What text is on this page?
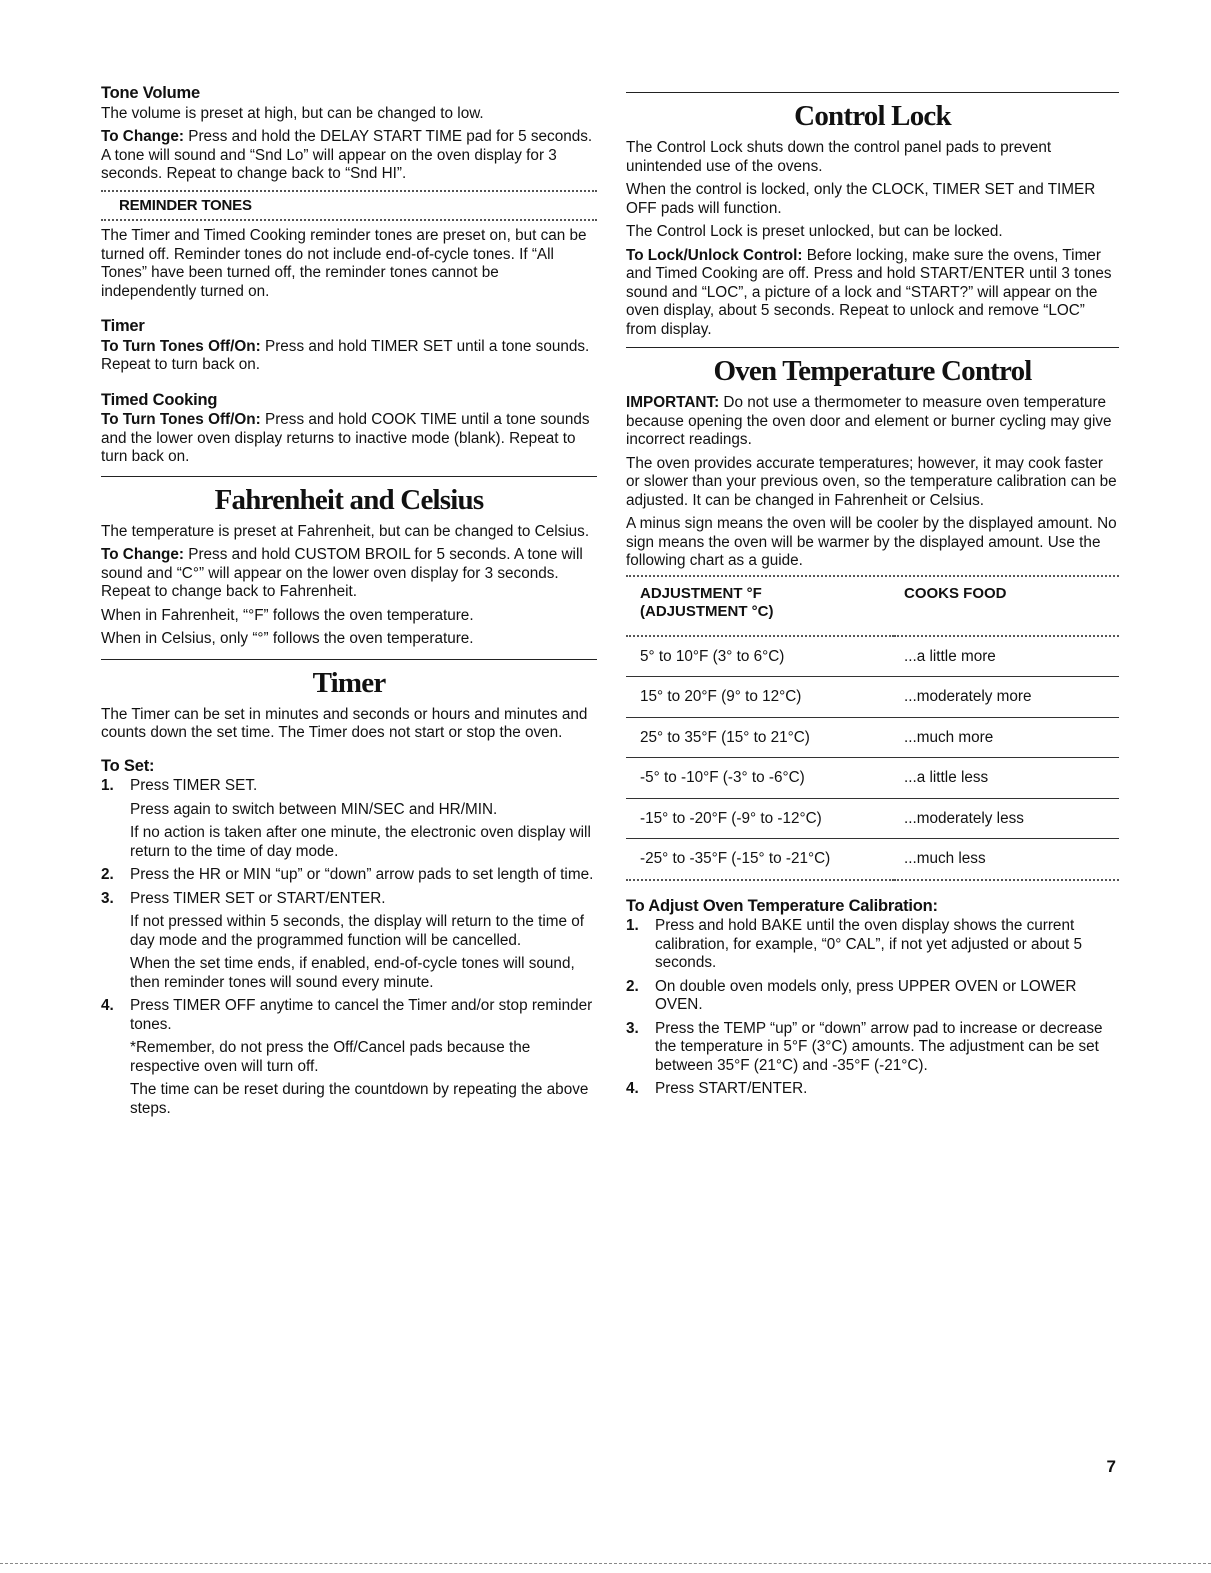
Tone Volume

The volume is preset at high, but can be changed to low.

To Change: Press and hold the DELAY START TIME pad for 5 seconds. A tone will sound and “Snd Lo” will appear on the oven display for 3 seconds. Repeat to change back to “Snd HI”.

REMINDER TONES

The Timer and Timed Cooking reminder tones are preset on, but can be turned off. Reminder tones do not include end-of-cycle tones. If “All Tones” have been turned off, the reminder tones cannot be independently turned on.

Timer

To Turn Tones Off/On: Press and hold TIMER SET until a tone sounds. Repeat to turn back on.

Timed Cooking

To Turn Tones Off/On: Press and hold COOK TIME until a tone sounds and the lower oven display returns to inactive mode (blank). Repeat to turn back on.

Fahrenheit and Celsius

The temperature is preset at Fahrenheit, but can be changed to Celsius.

To Change: Press and hold CUSTOM BROIL for 5 seconds. A tone will sound and “C°” will appear on the lower oven display for 3 seconds. Repeat to change back to Fahrenheit.

When in Fahrenheit, “°F” follows the oven temperature.

When in Celsius, only “°” follows the oven temperature.

Timer

The Timer can be set in minutes and seconds or hours and minutes and counts down the set time. The Timer does not start or stop the oven.

To Set:
1. Press TIMER SET.

Press again to switch between MIN/SEC and HR/MIN.

If no action is taken after one minute, the electronic oven display will return to the time of day mode.

2. Press the HR or MIN “up” or “down” arrow pads to set length of time.

3. Press TIMER SET or START/ENTER.

If not pressed within 5 seconds, the display will return to the time of day mode and the programmed function will be cancelled.

When the set time ends, if enabled, end-of-cycle tones will sound, then reminder tones will sound every minute.

4. Press TIMER OFF anytime to cancel the Timer and/or stop reminder tones.

*Remember, do not press the Off/Cancel pads because the respective oven will turn off.

The time can be reset during the countdown by repeating the above steps.

Control Lock

The Control Lock shuts down the control panel pads to prevent unintended use of the ovens.

When the control is locked, only the CLOCK, TIMER SET and TIMER OFF pads will function.

The Control Lock is preset unlocked, but can be locked.

To Lock/Unlock Control: Before locking, make sure the ovens, Timer and Timed Cooking are off. Press and hold START/ENTER until 3 tones sound and “LOC”, a picture of a lock and “START?” will appear on the oven display, about 5 seconds. Repeat to unlock and remove “LOC” from display.

Oven Temperature Control

IMPORTANT: Do not use a thermometer to measure oven temperature because opening the oven door and element or burner cycling may give incorrect readings.

The oven provides accurate temperatures; however, it may cook faster or slower than your previous oven, so the temperature calibration can be adjusted. It can be changed in Fahrenheit or Celsius.

A minus sign means the oven will be cooler by the displayed amount. No sign means the oven will be warmer by the displayed amount. Use the following chart as a guide.

ADJUSTMENT °F
(ADJUSTMENT °C)	COOKS FOOD
5° to 10°F (3° to 6°C)	...a little more
15° to 20°F (9° to 12°C)	...moderately more
25° to 35°F (15° to 21°C)	...much more
-5° to -10°F (-3° to -6°C)	...a little less
-15° to -20°F (-9° to -12°C)	...moderately less
-25° to -35°F (-15° to -21°C)	...much less
To Adjust Oven Temperature Calibration:
1. Press and hold BAKE until the oven display shows the current calibration, for example, “0° CAL”, if not yet adjusted or about 5 seconds.

2. On double oven models only, press UPPER OVEN or LOWER OVEN.

3. Press the TEMP “up” or “down” arrow pad to increase or decrease the temperature in 5°F (3°C) amounts. The adjustment can be set between 35°F (21°C) and -35°F (-21°C).

4. Press START/ENTER.

7
